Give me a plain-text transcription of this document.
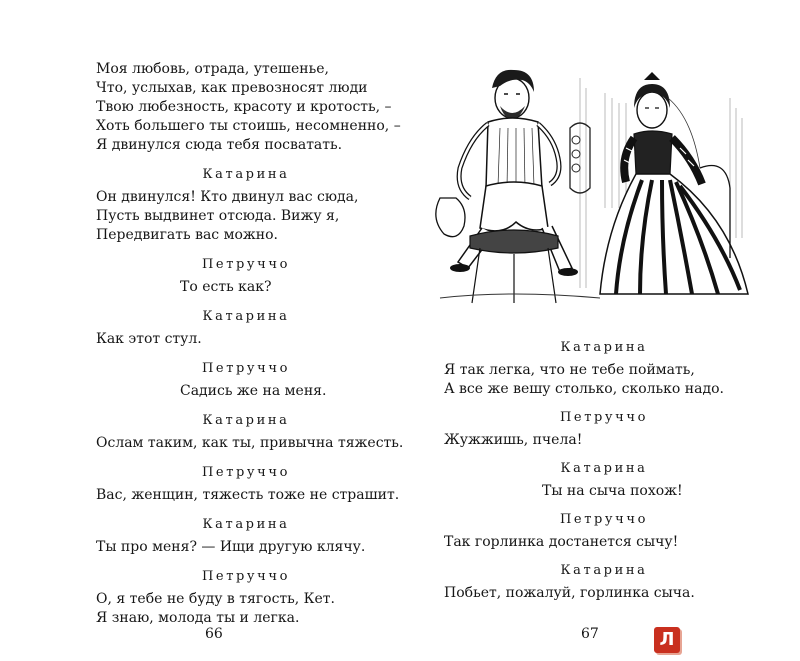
Моя любовь, отрада, утешенье,
Что, услыхав, как превозносят люди
Твою любезность, красоту и кротость, –
Хоть большего ты стоишь, несомненно, –
Я двинулся сюда тебя посватать.
Катарина
Он двинулся! Кто двинул вас сюда,
Пусть выдвинет отсюда. Вижу я,
Передвигать вас можно.
Петруччо
То есть как?
Катарина
Как этот стул.
Петруччо
Садись же на меня.
Катарина
Ослам таким, как ты, привычна тяжесть.
Петруччо
Вас, женщин, тяжесть тоже не страшит.
Катарина
Ты про меня? — Ищи другую клячу.
Петруччо
О, я тебе не буду в тягость, Кет.
Я знаю, молода ты и легка.
66
Катарина
Я так легка, что не тебе поймать,
А все же вешу столько, сколько надо.
Петруччо
Жужжишь, пчела!
Катарина
Ты на сыча похож!
Петруччо
Так горлинка достанется сычу!
Катарина
Побьет, пожалуй, горлинка сыча.
67	Л
